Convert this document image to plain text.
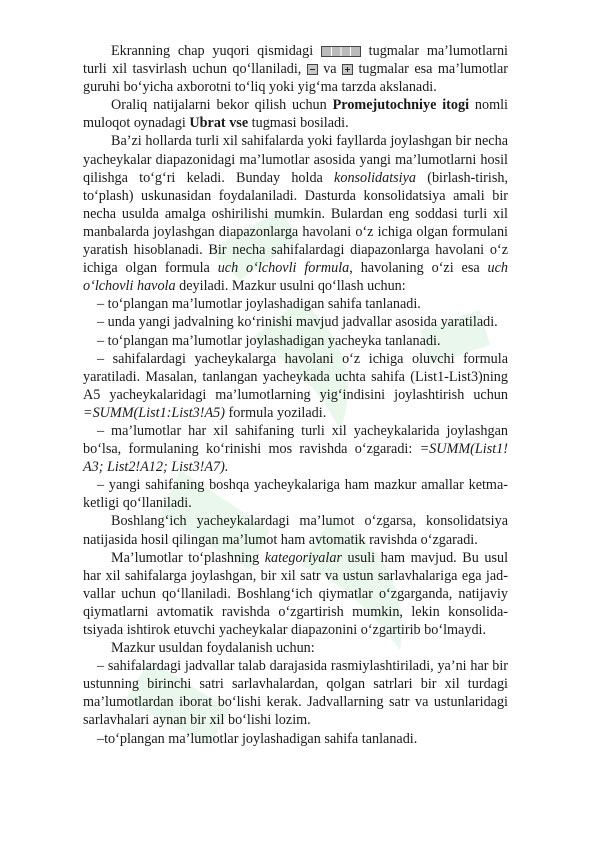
Ekranning chap yuqori qismidagi	tugmalar ma’lumotlarni turli xil tasvirlash uchun qo‘llaniladi,  va  tugmalar esa ma’lumotlar guruhi bo‘yicha axborotni to‘liq yoki yig‘ma tarzda akslanadi.

Oraliq natijalarni bekor qilish uchun Promejutochniye itogi nomli muloqot oynadagi Ubrat vse tugmasi bosiladi.

Ba’zi hollarda turli xil sahifalarda yoki fayllarda joylashgan bir necha yacheykalar diapazonidagi ma’lumotlar asosida yangi ma’lumotlarni hosil qilishga to‘g‘ri keladi. Bunday holda konsolidatsiya (birlash-tirish, to‘plash) uskunasidan foydalaniladi. Dasturda konsolidatsiya amali bir necha usulda amalga oshirilishi mumkin. Bulardan eng soddasi turli xil manbalarda joylashgan diapazonlarga havolani o‘z ichiga olgan formulani yaratish hisoblanadi. Bir necha sahifalardagi diapazonlarga havolani o‘z ichiga olgan formula uch o‘lchovli formula, havolaning o‘zi esa uch o‘lchovli havola deyiladi. Mazkur usulni qo‘llash uchun:

– to‘plangan ma’lumotlar joylashadigan sahifa tanlanadi.

– unda yangi jadvalning ko‘rinishi mavjud jadvallar asosida yaratiladi.

– to‘plangan ma’lumotlar joylashadigan yacheyka tanlanadi.

– sahifalardagi yacheykalarga havolani o‘z ichiga oluvchi formula yaratiladi. Masalan, tanlangan yacheykada uchta sahifa (List1-List3)ning A5 yacheykalaridagi ma’lumotlarning yig‘indisini joylashtirish uchun =SUMM(List1:List3!A5) formula yoziladi.

– ma’lumotlar har xil sahifaning turli xil yacheykalarida joylashgan bo‘lsa, formulaning ko‘rinishi mos ravishda o‘zgaradi: =SUMM(List1! A3; List2!A12; List3!A7).

– yangi sahifaning boshqa yacheykalariga ham mazkur amallar ketma-ketligi qo‘llaniladi.

Boshlang‘ich yacheykalardagi ma’lumot o‘zgarsa, konsolidatsiya natijasida hosil qilingan ma’lumot ham avtomatik ravishda o‘zgaradi.

Ma’lumotlar to‘plashning kategoriyalar usuli ham mavjud. Bu usul har xil sahifalarga joylashgan, bir xil satr va ustun sarlavhalariga ega jad-vallar uchun qo‘llaniladi. Boshlang‘ich qiymatlar o‘zgarganda, natijaviy qiymatlarni avtomatik ravishda o‘zgartirish mumkin, lekin konsolida-tsiyada ishtirok etuvchi yacheykalar diapazonini o‘zgartirib bo‘lmaydi.

Mazkur usuldan foydalanish uchun:

– sahifalardagi jadvallar talab darajasida rasmiylashtiriladi, ya’ni har bir ustunning birinchi satri sarlavhalardan, qolgan satrlari bir xil turdagi ma’lumotlardan iborat bo‘lishi kerak. Jadvallarning satr va ustunlaridagi sarlavhalari aynan bir xil bo‘lishi lozim.

–to‘plangan ma’lumotlar joylashadigan sahifa tanlanadi.
